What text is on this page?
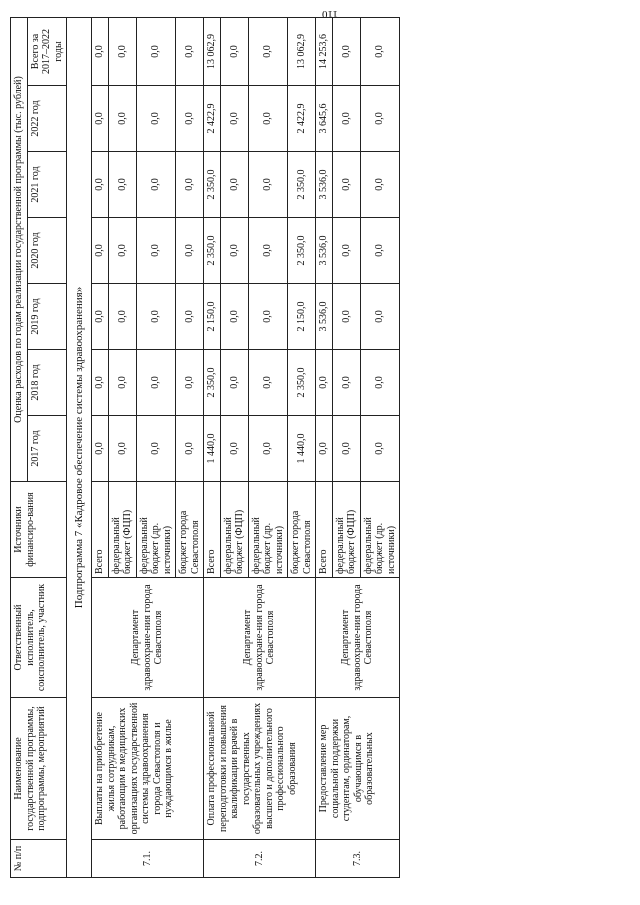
110
№ п/п	Наименование государственной программы, подпрограммы, мероприятий	Ответственный исполнитель, соисполнитель, участник	Источники финансиро-вания	Оценка расходов по годам реализации государственной программы (тыс. рублей)						
				2017 год	2018 год	2019 год	2020 год	2021 год	2022 год	Всего за 2017–2022 годы
Подпрограмма 7 «Кадровое обеспечение системы здравоохранения»										
7.1.	Выплаты на приобретение жилья сотрудникам, работающим в медицинских организациях государственной системы здравоохранения города Севастополя и нуждающимся в жилье	Департамент здравоохране-ния города Севастополя	Всего	0,0	0,0	0,0	0,0	0,0	0,0	0,0
			федеральный бюджет (ФЦП)	0,0	0,0	0,0	0,0	0,0	0,0	0,0
			федеральный бюджет (др. источники)	0,0	0,0	0,0	0,0	0,0	0,0	0,0
			бюджет города Севастополя	0,0	0,0	0,0	0,0	0,0	0,0	0,0
7.2.	Оплата профессиональной переподготовки и повышения квалификации врачей в государственных образовательных учреждениях высшего и дополнительного профессионального образования	Департамент здравоохране-ния города Севастополя	Всего	1 440,0	2 350,0	2 150,0	2 350,0	2 350,0	2 422,9	13 062,9
			федеральный бюджет (ФЦП)	0,0	0,0	0,0	0,0	0,0	0,0	0,0
			федеральный бюджет (др. источники)	0,0	0,0	0,0	0,0	0,0	0,0	0,0
			бюджет города Севастополя	1 440,0	2 350,0	2 150,0	2 350,0	2 350,0	2 422,9	13 062,9
7.3.	Предоставление мер социальной поддержки студентам, ординаторам, обучающимся в образовательных	Департамент здравоохране-ния города Севастополя	Всего	0,0	0,0	3 536,0	3 536,0	3 536,0	3 645,6	14 253,6
			федеральный бюджет (ФЦП)	0,0	0,0	0,0	0,0	0,0	0,0	0,0
			федеральный бюджет (др. источники)	0,0	0,0	0,0	0,0	0,0	0,0	0,0
